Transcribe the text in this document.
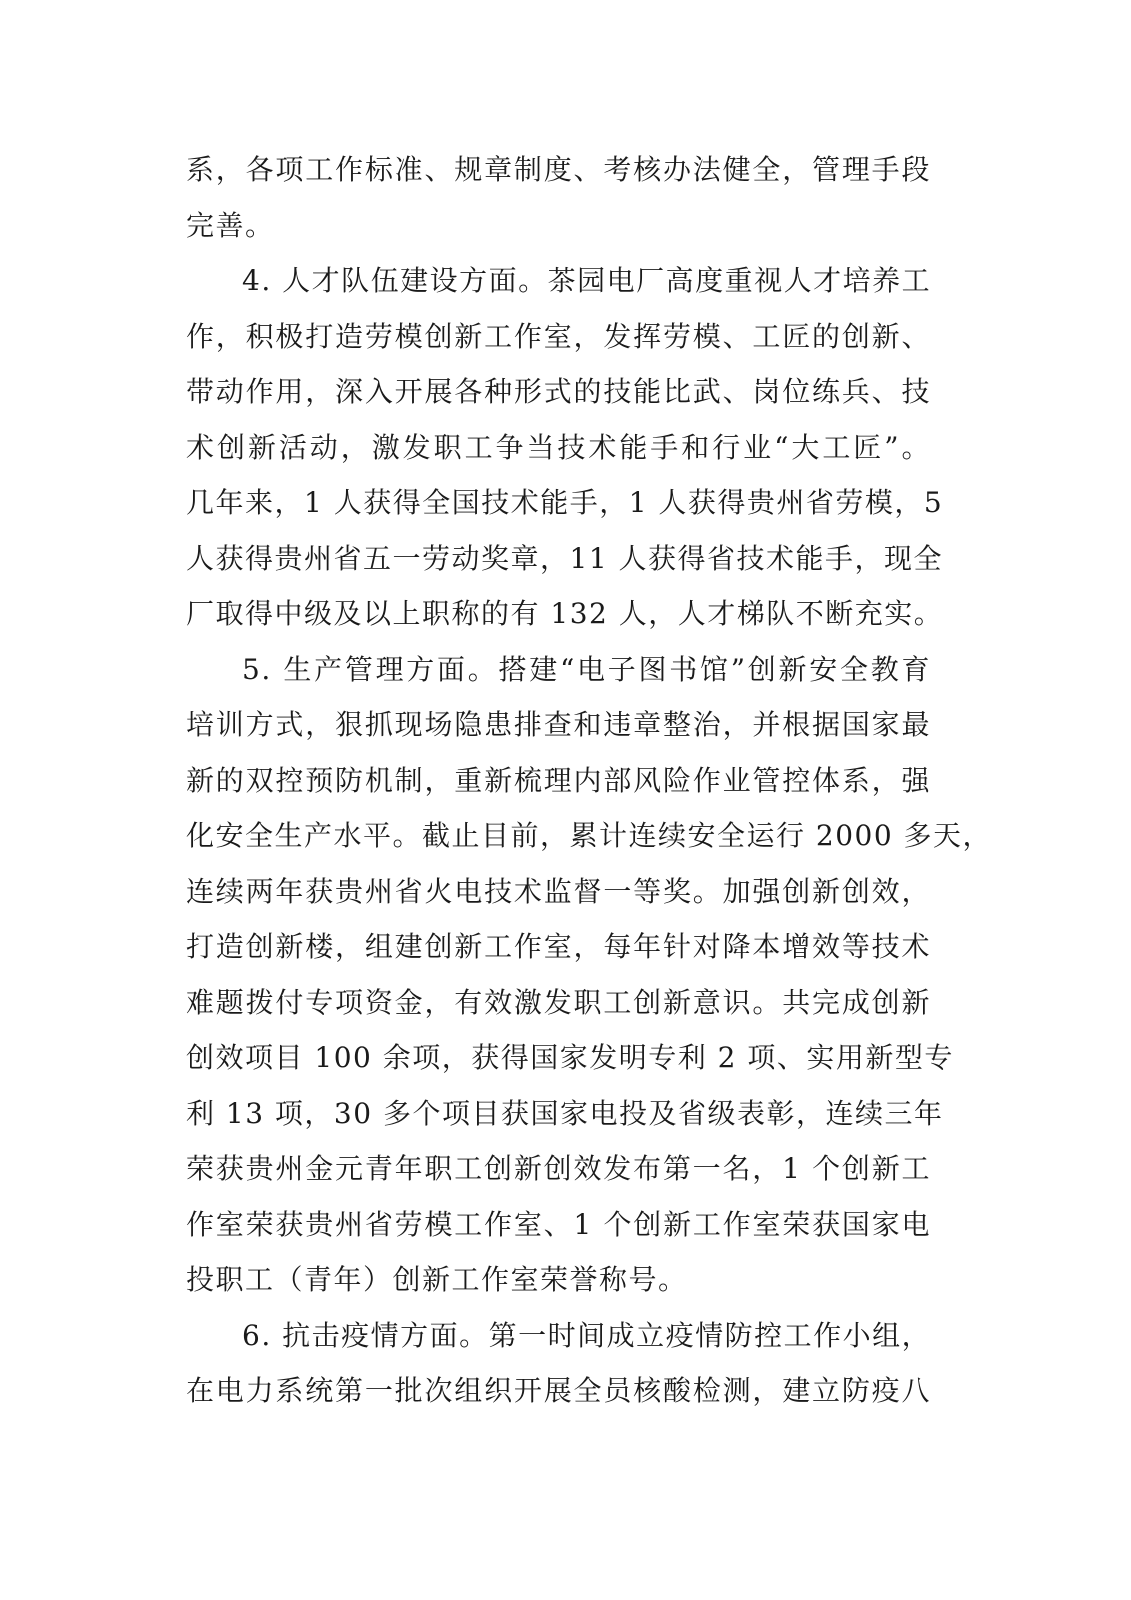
系，各项工作标准、规章制度、考核办法健全，管理手段
完善。
4. 人才队伍建设方面。茶园电厂高度重视人才培养工
作，积极打造劳模创新工作室，发挥劳模、工匠的创新、
带动作用，深入开展各种形式的技能比武、岗位练兵、技
术创新活动，激发职工争当技术能手和行业“大工匠”。
几年来，1 人获得全国技术能手，1 人获得贵州省劳模，5
人获得贵州省五一劳动奖章，11 人获得省技术能手，现全
厂取得中级及以上职称的有 132 人，人才梯队不断充实。
5. 生产管理方面。搭建“电子图书馆”创新安全教育
培训方式，狠抓现场隐患排查和违章整治，并根据国家最
新的双控预防机制，重新梳理内部风险作业管控体系，强
化安全生产水平。截止目前，累计连续安全运行 2000 多天，
连续两年获贵州省火电技术监督一等奖。加强创新创效，
打造创新楼，组建创新工作室，每年针对降本增效等技术
难题拨付专项资金，有效激发职工创新意识。共完成创新
创效项目 100 余项，获得国家发明专利 2 项、实用新型专
利 13 项，30 多个项目获国家电投及省级表彰，连续三年
荣获贵州金元青年职工创新创效发布第一名，1 个创新工
作室荣获贵州省劳模工作室、1 个创新工作室荣获国家电
投职工（青年）创新工作室荣誉称号。
6. 抗击疫情方面。第一时间成立疫情防控工作小组，
在电力系统第一批次组织开展全员核酸检测，建立防疫八
